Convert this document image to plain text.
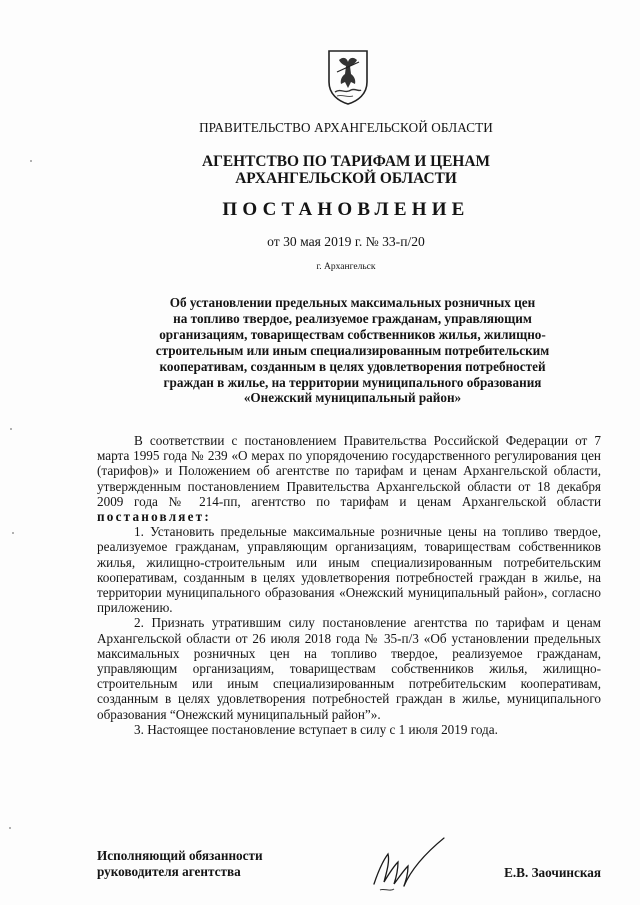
ПРАВИТЕЛЬСТВО АРХАНГЕЛЬСКОЙ ОБЛАСТИ
АГЕНТСТВО ПО ТАРИФАМ И ЦЕНАМ
АРХАНГЕЛЬСКОЙ ОБЛАСТИ
ПОСТАНОВЛЕНИЕ
от 30 мая 2019 г. № 33-п/20
г. Архангельск
Об установлении предельных максимальных розничных цен
на топливо твердое, реализуемое гражданам, управляющим
организациям, товариществам собственников жилья, жилищно-
строительным или иным специализированным потребительским
кооперативам, созданным в целях удовлетворения потребностей
граждан в жилье, на территории муниципального образования
«Онежский муниципальный район»

В соответствии с постановлением Правительства Российской Федерации от 7 марта 1995 года № 239 «О мерах по упорядочению государственного регулирования цен (тарифов)» и Положением об агентстве по тарифам и ценам Архангельской области, утвержденным постановлением Правительства Архангельской области от 18 декабря 2009 года № 214-пп, агентство по тарифам и ценам Архангельской области постановляет:

1. Установить предельные максимальные розничные цены на топливо твердое, реализуемое гражданам, управляющим организациям, товариществам собственников жилья, жилищно-строительным или иным специализированным потребительским кооперативам, созданным в целях удовлетворения потребностей граждан в жилье, на территории муниципального образования «Онежский муниципальный район», согласно приложению.

2. Признать утратившим силу постановление агентства по тарифам и ценам Архангельской области от 26 июля 2018 года № 35-п/3 «Об установлении предельных максимальных розничных цен на топливо твердое, реализуемое гражданам, управляющим организациям, товариществам собственников жилья, жилищно-строительным или иным специализированным потребительским кооперативам, созданным в целях удовлетворения потребностей граждан в жилье, муниципального образования “Онежский муниципальный район”».

3. Настоящее постановление вступает в силу с 1 июля 2019 года.

Исполняющий обязанности
руководителя агентства	Е.В. Заочинская
